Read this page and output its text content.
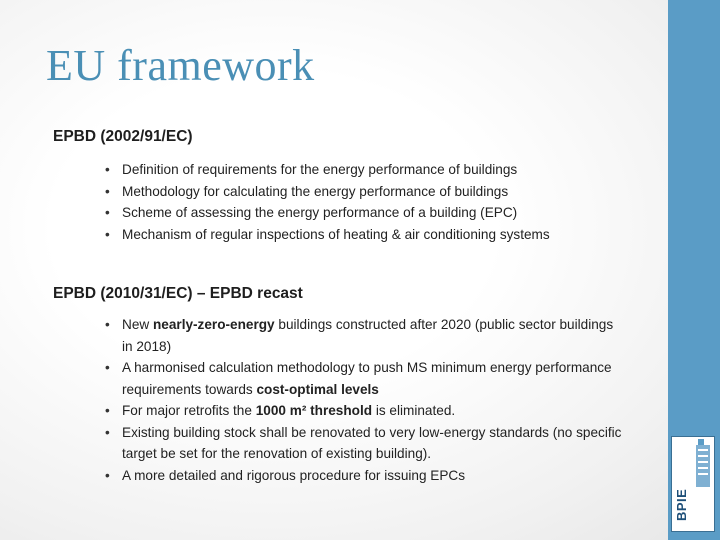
EU framework
EPBD (2002/91/EC)
• Definition of requirements for the energy performance of buildings
• Methodology for calculating the energy performance of buildings
• Scheme of assessing the energy performance of a building (EPC)
• Mechanism of regular inspections of heating & air conditioning systems
EPBD (2010/31/EC) – EPBD recast
• New nearly-zero-energy buildings constructed after 2020 (public sector buildings in 2018)
• A harmonised calculation methodology to push MS minimum energy performance requirements towards cost-optimal levels
• For major retrofits the 1000 m² threshold is eliminated.
• Existing building stock shall be renovated to very low-energy standards (no specific target be set for the renovation of existing building).
• A more detailed and rigorous procedure for issuing EPCs
BPIE
